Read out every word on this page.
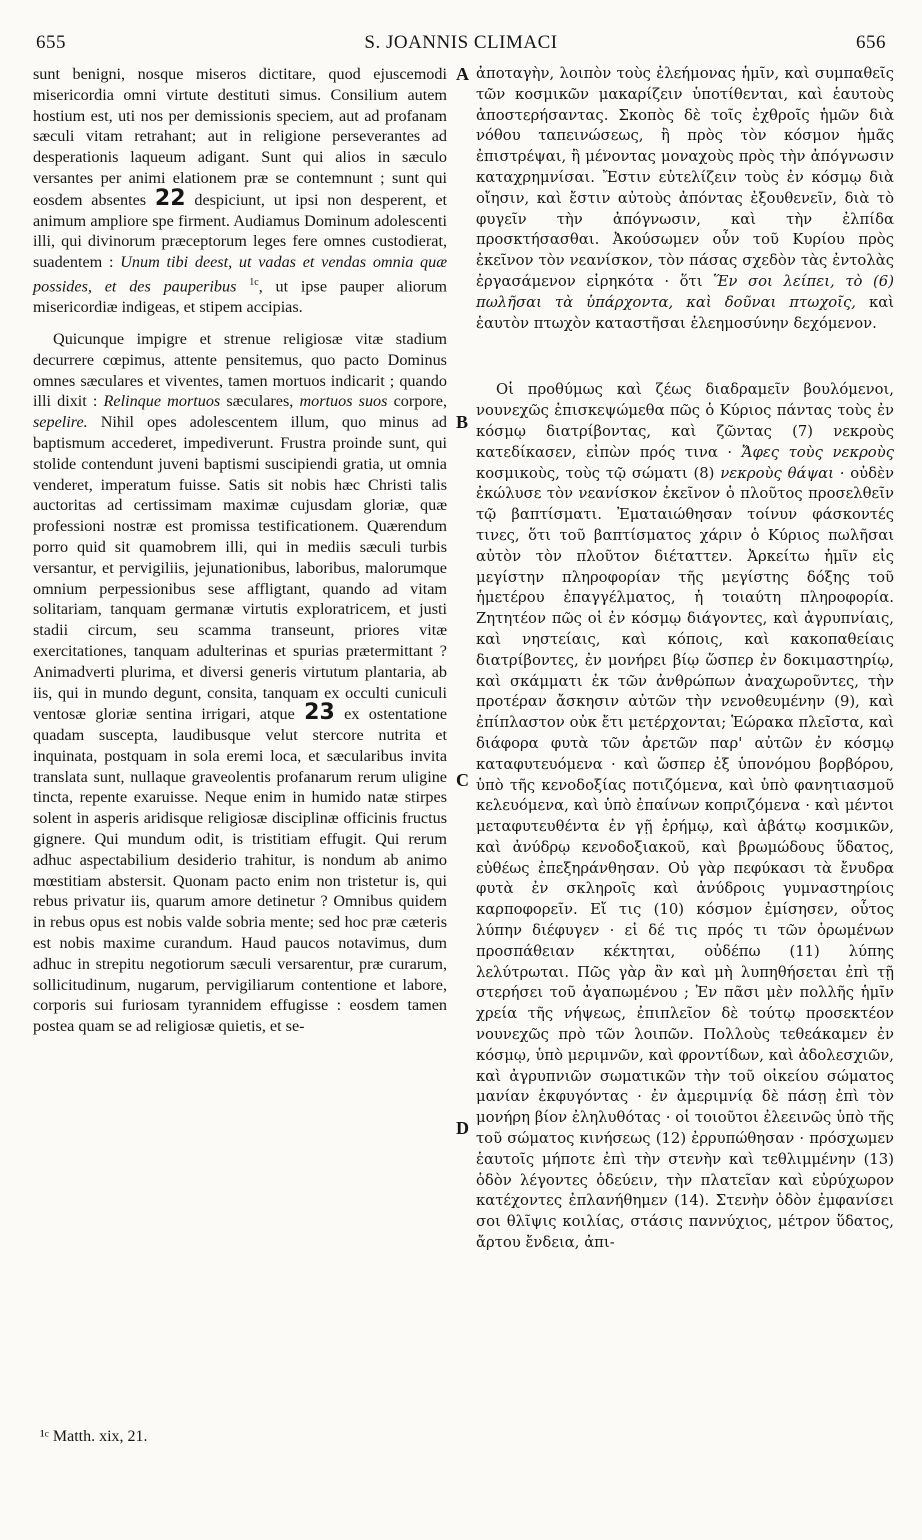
655	S. JOANNIS CLIMACI	656
A
B
C
D

sunt benigni, nosque miseros dictitare, quod ejuscemodi misericordia omni virtute destituti simus. Consilium autem hostium est, uti nos per demissionis speciem, aut ad profanam sæculi vitam retrahant; aut in religione perseverantes ad desperationis laqueum adigant. Sunt qui alios in sæculo versantes per animi elationem præ se contemnunt ; sunt qui eosdem absentes 22 despiciunt, ut ipsi non desperent, et animum ampliore spe firment. Audiamus Dominum adolescenti illi, qui divinorum præceptorum leges fere omnes custodierat, suadentem : Unum tibi deest, ut vadas et vendas omnia quæ possides, et des pauperibus $^{1c}$, ut ipse pauper aliorum misericordiæ indigeas, et stipem accipias.

Quicunque impigre et strenue religiosæ vitæ stadium decurrere cœpimus, attente pensitemus, quo pacto Dominus omnes sæculares et viventes, tamen mortuos indicarit ; quando illi dixit : Relinque mortuos sæculares, mortuos suos corpore, sepelire. Nihil opes adolescentem illum, quo minus ad baptismum accederet, impediverunt. Frustra proinde sunt, qui stolide contendunt juveni baptismi suscipiendi gratia, ut omnia venderet, imperatum fuisse. Satis sit nobis hæc Christi talis auctoritas ad certissimam maximæ cujusdam gloriæ, quæ professioni nostræ est promissa testificationem. Quærendum porro quid sit quamobrem illi, qui in mediis sæculi turbis versantur, et pervigiliis, jejunationibus, laboribus, malorumque omnium perpessionibus sese affligtant, quando ad vitam solitariam, tanquam germanæ virtutis exploratricem, et justi stadii circum, seu scamma transeunt, priores vitæ exercitationes, tanquam adulterinas et spurias prætermittant ? Animadverti plurima, et diversi generis virtutum plantaria, ab iis, qui in mundo degunt, consita, tanquam ex occulti cuniculi ventosæ gloriæ sentina irrigari, atque 23 ex ostentatione quadam suscepta, laudibusque velut stercore nutrita et inquinata, postquam in sola eremi loca, et sæcularibus invita translata sunt, nullaque graveolentis profanarum rerum uligine tincta, repente exaruisse. Neque enim in humido natæ stirpes solent in asperis aridisque religiosæ disciplinæ officinis fructus gignere. Qui mundum odit, is tristitiam effugit. Qui rerum adhuc aspectabilium desiderio trahitur, is nondum ab animo mœstitiam abstersit. Quonam pacto enim non tristetur is, qui rebus privatur iis, quarum amore detinetur ? Omnibus quidem in rebus opus est nobis valde sobria mente; sed hoc præ cæteris est nobis maxime curandum. Haud paucos notavimus, dum adhuc in strepitu negotiorum sæculi versarentur, præ curarum, sollicitudinum, nugarum, pervigiliarum contentione et labore, corporis sui furiosam tyrannidem effugisse : eosdem tamen postea quam se ad religiosæ quietis, et se-

ἀποταγὴν, λοιπὸν τοὺς ἐλεήμονας ἡμῖν, καὶ συμπαθεῖς τῶν κοσμικῶν μακαρίζειν ὑποτίθενται, καὶ ἑαυτοὺς ἀποστερήσαντας. Σκοπὸς δὲ τοῖς ἐχθροῖς ἡμῶν διὰ νόθου ταπεινώσεως, ἢ πρὸς τὸν κόσμον ἡμᾶς ἐπιστρέψαι, ἢ μένοντας μοναχοὺς πρὸς τὴν ἀπόγνωσιν καταχρημνίσαι. Ἔστιν εὐτελίζειν τοὺς ἐν κόσμῳ διὰ οἴησιν, καὶ ἔστιν αὐτοὺς ἀπόντας ἐξουθενεῖν, διὰ τὸ φυγεῖν τὴν ἀπόγνωσιν, καὶ τὴν ἐλπίδα προσκτήσασθαι. Ἀκούσωμεν οὖν τοῦ Κυρίου πρὸς ἐκεῖνον τὸν νεανίσκον, τὸν πάσας σχεδὸν τὰς ἐντολὰς ἐργασάμενον εἰρηκότα · ὅτι Ἕν σοι λείπει, τὸ (6) πωλῆσαι τὰ ὑπάρχοντα, καὶ δοῦναι πτωχοῖς, καὶ ἑαυτὸν πτωχὸν καταστῆσαι ἐλεημοσύνην δεχόμενον.

Οἱ προθύμως καὶ ζέως διαδραμεῖν βουλόμενοι, νουνεχῶς ἐπισκεψώμεθα πῶς ὁ Κύριος πάντας τοὺς ἐν κόσμῳ διατρίβοντας, καὶ ζῶντας (7) νεκροὺς κατεδίκασεν, εἰπὼν πρός τινα · Ἄφες τοὺς νεκροὺς κοσμικοὺς, τοὺς τῷ σώματι (8) νεκροὺς θάψαι · οὐδὲν ἐκώλυσε τὸν νεανίσκον ἐκεῖνον ὁ πλοῦτος προσελθεῖν τῷ βαπτίσματι. Ἐματαιώθησαν τοίνυν φάσκοντές τινες, ὅτι τοῦ βαπτίσματος χάριν ὁ Κύριος πωλῆσαι αὐτὸν τὸν πλοῦτον διέταττεν. Ἀρκείτω ἡμῖν εἰς μεγίστην πληροφορίαν τῆς μεγίστης δόξης τοῦ ἡμετέρου ἐπαγγέλματος, ἡ τοιαύτη πληροφορία. Ζητητέον πῶς οἱ ἐν κόσμῳ διάγοντες, καὶ ἀγρυπνίαις, καὶ νηστείαις, καὶ κόποις, καὶ κακοπαθείαις διατρίβοντες, ἐν μονήρει βίῳ ὥσπερ ἐν δοκιμαστηρίῳ, καὶ σκάμματι ἐκ τῶν ἀνθρώπων ἀναχωροῦντες, τὴν προτέραν ἄσκησιν αὐτῶν τὴν νενοθευμένην (9), καὶ ἐπίπλαστον οὐκ ἔτι μετέρχονται; Ἑώρακα πλεῖστα, καὶ διάφορα φυτὰ τῶν ἀρετῶν παρ' αὐτῶν ἐν κόσμῳ καταφυτευόμενα · καὶ ὥσπερ ἐξ ὑπονόμου βορβόρου, ὑπὸ τῆς κενοδοξίας ποτιζόμενα, καὶ ὑπὸ φανητιασμοῦ κελευόμενα, καὶ ὑπὸ ἐπαίνων κοπριζόμενα · καὶ μέντοι μεταφυτευθέντα ἐν γῇ ἐρήμῳ, καὶ ἀβάτῳ κοσμικῶν, καὶ ἀνύδρῳ κενοδοξιακοῦ, καὶ βρωμώδους ὕδατος, εὐθέως ἐπεξηράνθησαν. Οὐ γὰρ πεφύκασι τὰ ἔνυδρα φυτὰ ἐν σκληροῖς καὶ ἀνύδροις γυμναστηρίοις καρποφορεῖν. Εἴ τις (10) κόσμον ἐμίσησεν, οὗτος λύπην διέφυγεν · εἰ δέ τις πρός τι τῶν ὁρωμένων προσπάθειαν κέκτηται, οὐδέπω (11) λύπης λελύτρωται. Πῶς γὰρ ἂν καὶ μὴ λυπηθήσεται ἐπὶ τῇ στερήσει τοῦ ἀγαπωμένου ; Ἐν πᾶσι μὲν πολλῆς ἡμῖν χρεία τῆς νήψεως, ἐπιπλεῖον δὲ τούτῳ προσεκτέον νουνεχῶς πρὸ τῶν λοιπῶν. Πολλοὺς τεθεάκαμεν ἐν κόσμῳ, ὑπὸ μεριμνῶν, καὶ φροντίδων, καὶ ἀδολεσχιῶν, καὶ ἀγρυπνιῶν σωματικῶν τὴν τοῦ οἰκείου σώματος μανίαν ἐκφυγόντας · ἐν ἀμεριμνίᾳ δὲ πάσῃ ἐπὶ τὸν μονήρη βίον ἐληλυθότας · οἱ τοιοῦτοι ἐλεεινῶς ὑπὸ τῆς τοῦ σώματος κινήσεως (12) ἐρρυπώθησαν · πρόσχωμεν ἑαυτοῖς μήποτε ἐπὶ τὴν στενὴν καὶ τεθλιμμένην (13) ὁδὸν λέγοντες ὁδεύειν, τὴν πλατεῖαν καὶ εὐρύχωρον κατέχοντες ἐπλανήθημεν (14). Στενὴν ὁδὸν ἐμφανίσει σοι θλῖψις κοιλίας, στάσις παννύχιος, μέτρον ὕδατος, ἄρτου ἔνδεια, ἀπι-

¹ᶜ Matth. xix, 21.
